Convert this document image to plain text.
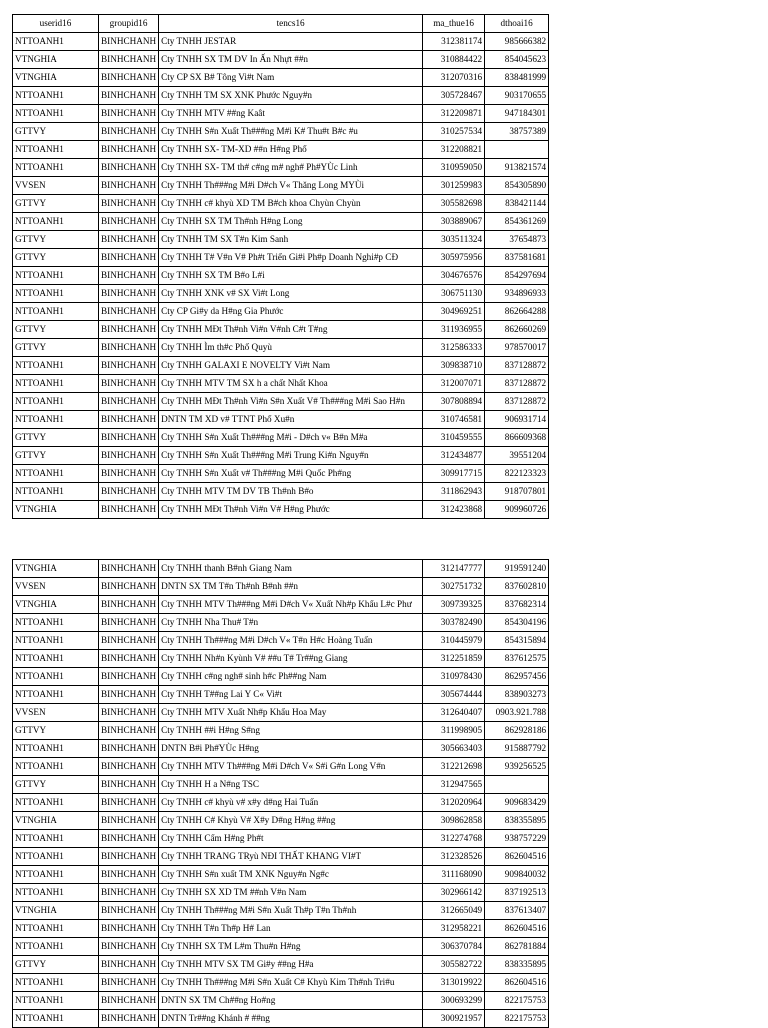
userid16	groupid16	tencs16	ma_thue16	dthoai16
NTTOANH1	BINHCHANH	Cty TNHH JESTAR	312381174	985666382
VTNGHIA	BINHCHANH	Cty TNHH SX TM DV In Ấn Nhựt ##n	310884422	854045623
VTNGHIA	BINHCHANH	Cty CP SX B# Tông Vi#t Nam	312070316	838481999
NTTOANH1	BINHCHANH	Cty TNHH TM SX XNK Phước Nguy#n	305728467	903170655
NTTOANH1	BINHCHANH	Cty TNHH MTV ##ng Kaât	312209871	947184301
GTTVY	BINHCHANH	Cty TNHH S#n Xuất Th###ng M#i K# Thu#t B#c #u	310257534	38757389
NTTOANH1	BINHCHANH	Cty TNHH SX- TM-XD ##n H#ng Phố	312208821	
NTTOANH1	BINHCHANH	Cty TNHH SX- TM th# c#ng m# ngh# Ph#YÙc Linh	310959050	913821574
VVSEN	BINHCHANH	Cty TNHH Th###ng M#i D#ch V« Thăng Long MYÙi	301259983	854305890
GTTVY	BINHCHANH	Cty TNHH c# khyù XD TM B#ch khoa Chyùn Chyùn	305582698	838421144
NTTOANH1	BINHCHANH	Cty TNHH SX TM Th#nh H#ng Long	303889067	854361269
GTTVY	BINHCHANH	Cty TNHH TM SX T#n Kim Sanh	303511324	37654873
GTTVY	BINHCHANH	Cty TNHH T# V#n V# Ph#t Triển Gi#i Ph#p Doanh Nghi#p CĐ	305975956	837581681
NTTOANH1	BINHCHANH	Cty TNHH SX TM B#o L#i	304676576	854297694
NTTOANH1	BINHCHANH	Cty TNHH XNK v# SX Vi#t Long	306751130	934896933
NTTOANH1	BINHCHANH	Cty CP Gi#y da H#ng Gia Phước	304969251	862664288
GTTVY	BINHCHANH	Cty TNHH MĐt Th#nh Vi#n V#nh C#t T#ng	311936955	862660269
GTTVY	BINHCHANH	Cty TNHH Ìm th#c Phố Quyù	312586333	978570017
NTTOANH1	BINHCHANH	Cty TNHH GALAXI E NOVELTY Vi#t Nam	309838710	837128872
NTTOANH1	BINHCHANH	Cty TNHH MTV TM SX h a chất Nhất Khoa	312007071	837128872
NTTOANH1	BINHCHANH	Cty TNHH MĐt Th#nh Vi#n S#n Xuất V# Th###ng M#i Sao H#n	307808894	837128872
NTTOANH1	BINHCHANH	DNTN TM XD v# TTNT Phố Xu#n	310746581	906931714
GTTVY	BINHCHANH	Cty TNHH S#n Xuất Th###ng M#i - D#ch v« B#n M#a	310459555	866609368
GTTVY	BINHCHANH	Cty TNHH S#n Xuất Th###ng M#i Trung Ki#n Nguy#n	312434877	39551204
NTTOANH1	BINHCHANH	Cty TNHH S#n Xuất v# Th###ng M#i Quốc Ph#ng	309917715	822123323
NTTOANH1	BINHCHANH	Cty TNHH MTV TM DV TB Th#nh B#o	311862943	918707801
VTNGHIA	BINHCHANH	Cty TNHH MĐt Th#nh Vi#n V# H#ng Phước	312423868	909960726
VTNGHIA	BINHCHANH	Cty TNHH thanh B#nh Giang Nam	312147777	919591240
VVSEN	BINHCHANH	DNTN SX TM T#n Th#nh B#nh ##n	302751732	837602810
VTNGHIA	BINHCHANH	Cty TNHH MTV Th###ng M#i D#ch V« Xuất Nh#p Khẩu L#c Phư	309739325	837682314
NTTOANH1	BINHCHANH	Cty TNHH Nha Thu# T#n	303782490	854304196
NTTOANH1	BINHCHANH	Cty TNHH Th###ng M#i D#ch V« T#n H#c Hoàng Tuấn	310445979	854315894
NTTOANH1	BINHCHANH	Cty TNHH Nh#n Kyùnh V# ##u T# Tr##ng Giang	312251859	837612575
NTTOANH1	BINHCHANH	Cty TNHH c#ng ngh# sinh h#c Ph##ng Nam	310978430	862957456
NTTOANH1	BINHCHANH	Cty TNHH T##ng Lai Y C« Vi#t	305674444	838903273
VVSEN	BINHCHANH	Cty TNHH MTV Xuất Nh#p Khẩu Hoa May	312640407	0903.921.788
GTTVY	BINHCHANH	Cty TNHH ##i H#ng S#ng	311998905	862928186
NTTOANH1	BINHCHANH	DNTN B#i Ph#YÙc H#ng	305663403	915887792
NTTOANH1	BINHCHANH	Cty TNHH MTV Th###ng M#i D#ch V« S#i G#n Long V#n	312212698	939256525
GTTVY	BINHCHANH	Cty TNHH H a N#ng TSC	312947565	
NTTOANH1	BINHCHANH	Cty TNHH c# khyù v# x#y d#ng Hai Tuấn	312020964	909683429
VTNGHIA	BINHCHANH	Cty TNHH C# Khyù V# X#y D#ng H#ng ##ng	309862858	838355895
NTTOANH1	BINHCHANH	Cty TNHH Cẩm H#ng Ph#t	312274768	938757229
NTTOANH1	BINHCHANH	Cty TNHH TRANG TRyù NĐI THẤT KHANG VI#T	312328526	862604516
NTTOANH1	BINHCHANH	Cty TNHH S#n xuất TM XNK Nguy#n Ng#c	311168090	909840032
NTTOANH1	BINHCHANH	Cty TNHH SX XD TM ##nh V#n Nam	302966142	837192513
VTNGHIA	BINHCHANH	Cty TNHH Th###ng M#i S#n Xuất Th#p T#n Th#nh	312665049	837613407
NTTOANH1	BINHCHANH	Cty TNHH T#n Th#p H# Lan	312958221	862604516
NTTOANH1	BINHCHANH	Cty TNHH SX TM L#m Thu#n H#ng	306370784	862781884
GTTVY	BINHCHANH	Cty TNHH MTV SX TM Gi#y ##ng H#a	305582722	838335895
NTTOANH1	BINHCHANH	Cty TNHH Th###ng M#i S#n Xuất C# Khyù Kim Th#nh Tri#u	313019922	862604516
NTTOANH1	BINHCHANH	DNTN SX TM Ch##ng Ho#ng	300693299	822175753
NTTOANH1	BINHCHANH	DNTN Tr##ng Khánh # ##ng	300921957	822175753
